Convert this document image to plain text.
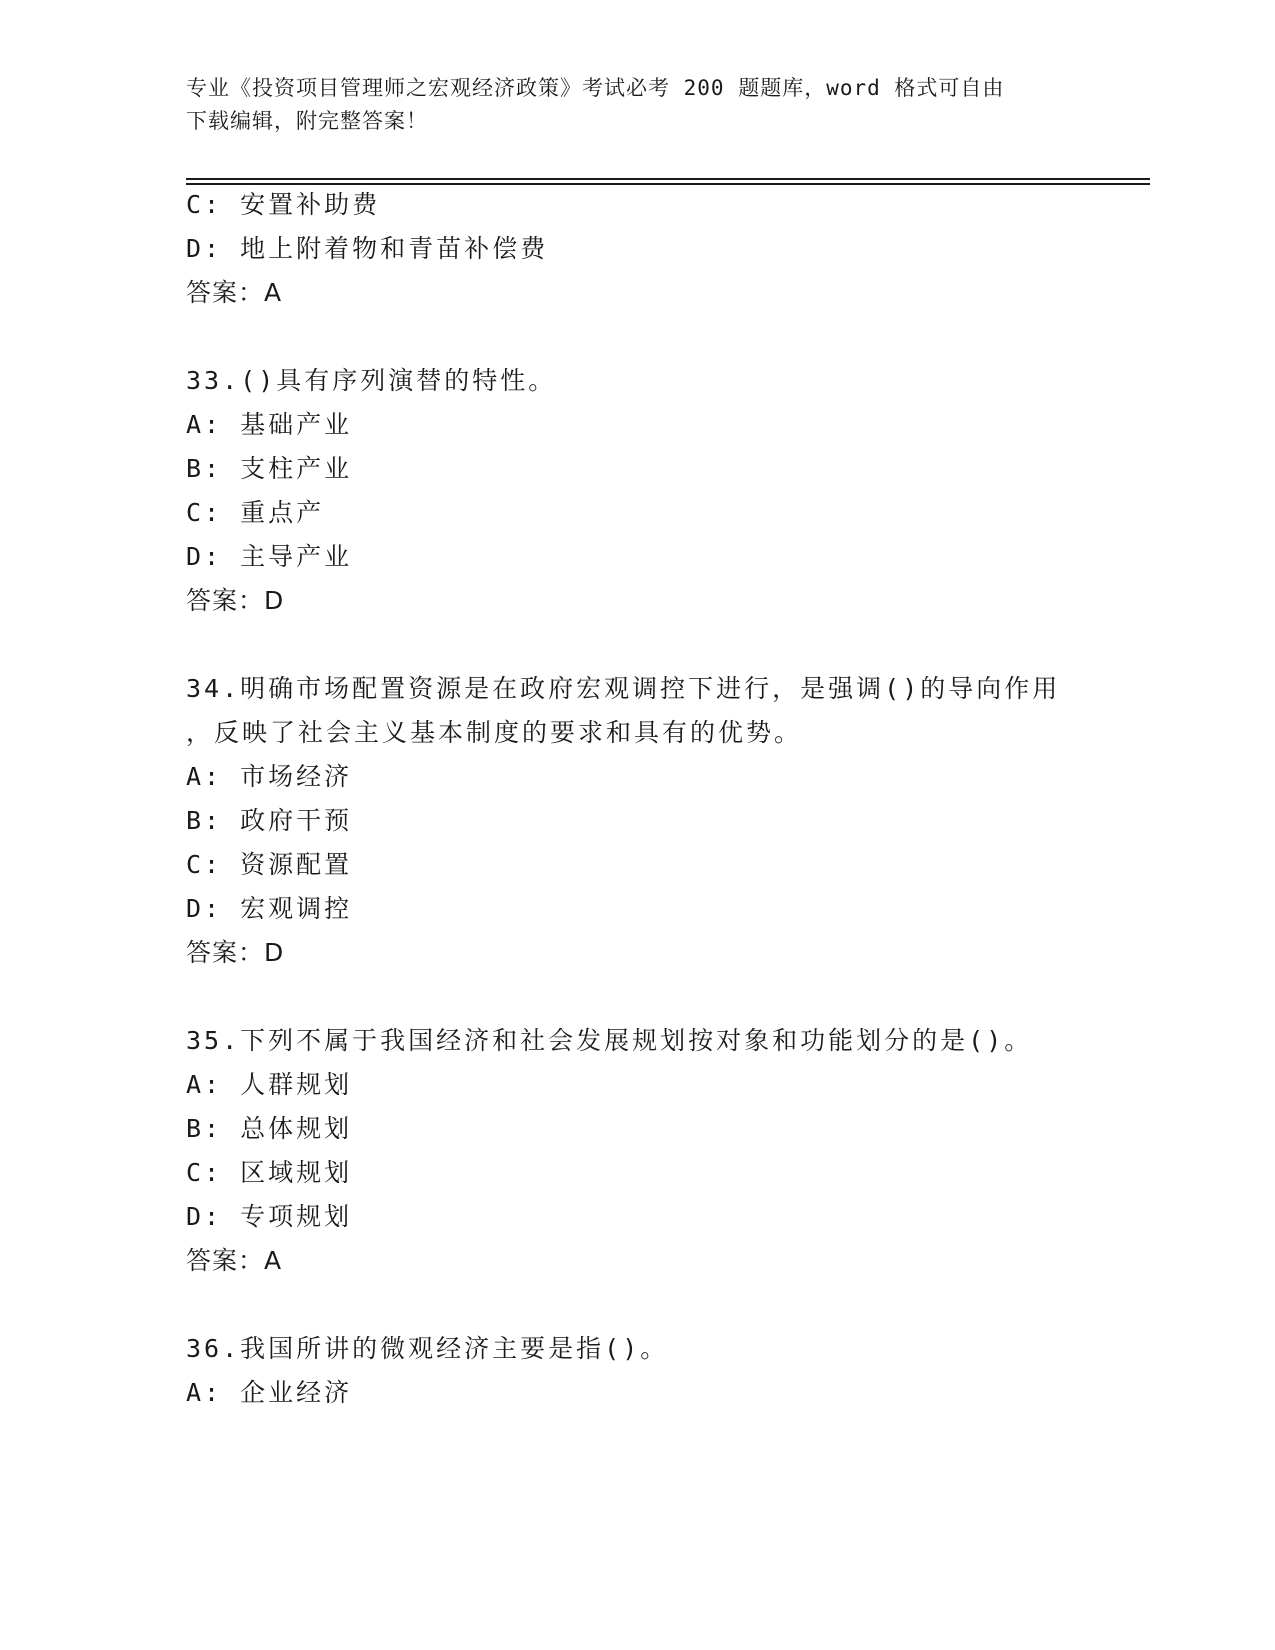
专业《投资项目管理师之宏观经济政策》考试必考 200 题题库，word 格式可自由
下载编辑，附完整答案！
C: 安置补助费
D: 地上附着物和青苗补偿费
答案：A
33.()具有序列演替的特性。
A: 基础产业
B: 支柱产业
C: 重点产
D: 主导产业
答案：D
34.明确市场配置资源是在政府宏观调控下进行，是强调()的导向作用
，反映了社会主义基本制度的要求和具有的优势。
A: 市场经济
B: 政府干预
C: 资源配置
D: 宏观调控
答案：D
35.下列不属于我国经济和社会发展规划按对象和功能划分的是()。
A: 人群规划
B: 总体规划
C: 区域规划
D: 专项规划
答案：A
36.我国所讲的微观经济主要是指()。
A: 企业经济
